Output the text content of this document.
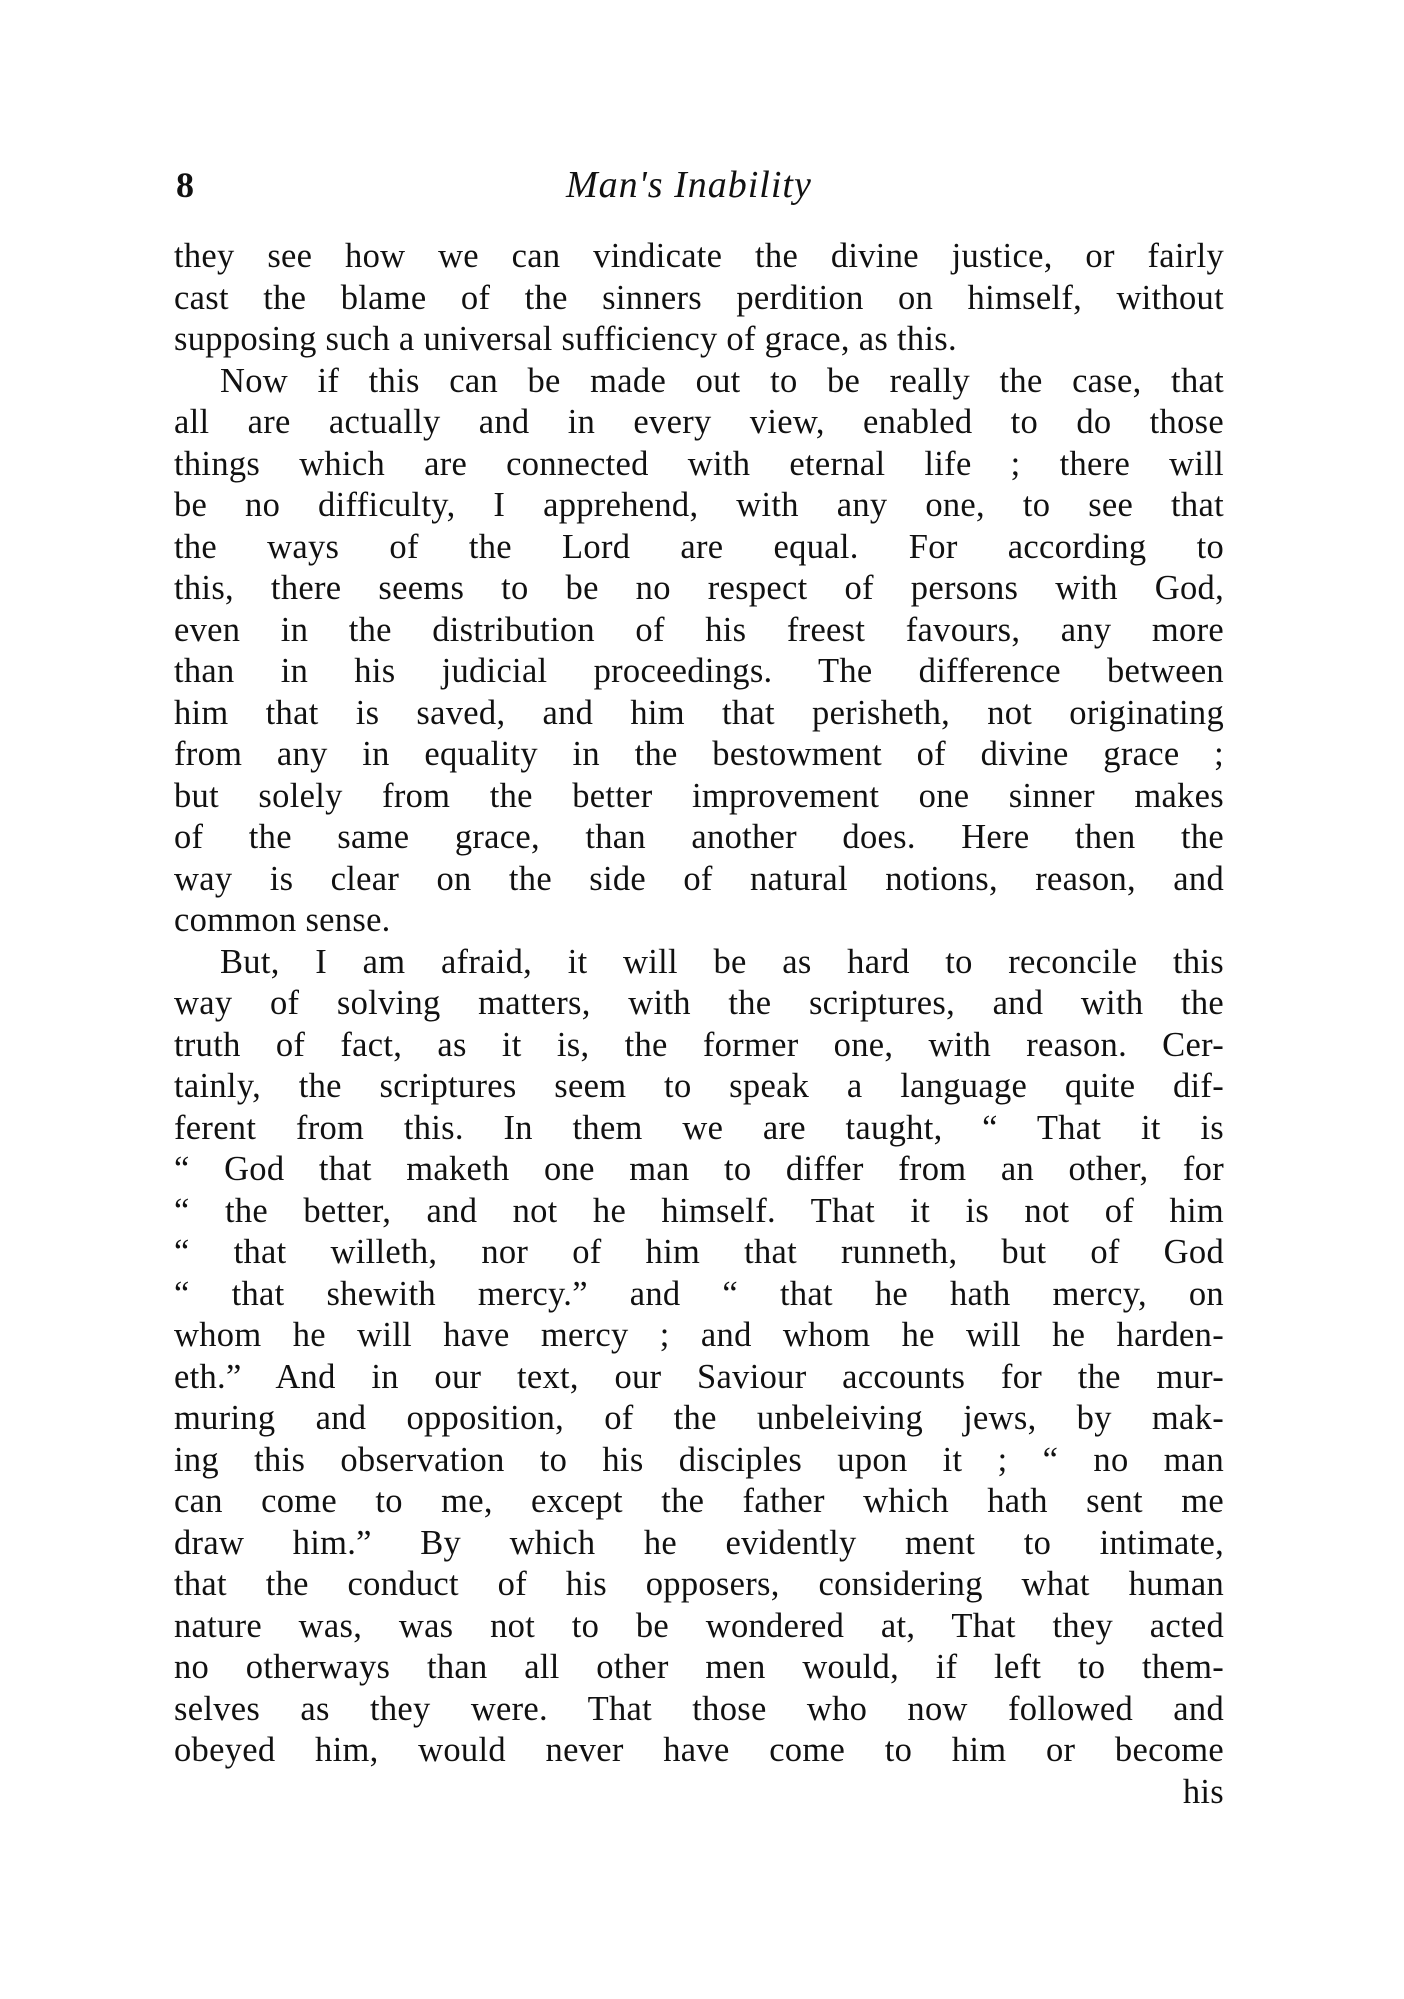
8	Man's Inability
they see how we can vindicate the divine justice, or fairly
cast the blame of the sinners perdition on himself, without
supposing such a universal sufficiency of grace, as this.
Now if this can be made out to be really the case, that
all are actually and in every view, enabled to do those
things which are connected with eternal life ; there will
be no difficulty, I apprehend, with any one, to see that
the ways of the Lord are equal. For according to
this, there seems to be no respect of persons with God,
even in the distribution of his freest favours, any more
than in his judicial proceedings. The difference between
him that is saved, and him that perisheth, not originating
from any in equality in the bestowment of divine grace ;
but solely from the better improvement one sinner makes
of the same grace, than another does. Here then the
way is clear on the side of natural notions, reason, and
common sense.
But, I am afraid, it will be as hard to reconcile this
way of solving matters, with the scriptures, and with the
truth of fact, as it is, the former one, with reason. Cer-
tainly, the scriptures seem to speak a language quite dif-
ferent from this. In them we are taught, “ That it is
“ God that maketh one man to differ from an other, for
“ the better, and not he himself. That it is not of him
“ that willeth, nor of him that runneth, but of God
“ that shewith mercy.” and “ that he hath mercy, on
whom he will have mercy ; and whom he will he harden-
eth.” And in our text, our Saviour accounts for the mur-
muring and opposition, of the unbeleiving jews, by mak-
ing this observation to his disciples upon it ; “ no man
can come to me, except the father which hath sent me
draw him.” By which he evidently ment to intimate,
that the conduct of his opposers, considering what human
nature was, was not to be wondered at, That they acted
no otherways than all other men would, if left to them-
selves as they were. That those who now followed and
obeyed him, would never have come to him or become
his
